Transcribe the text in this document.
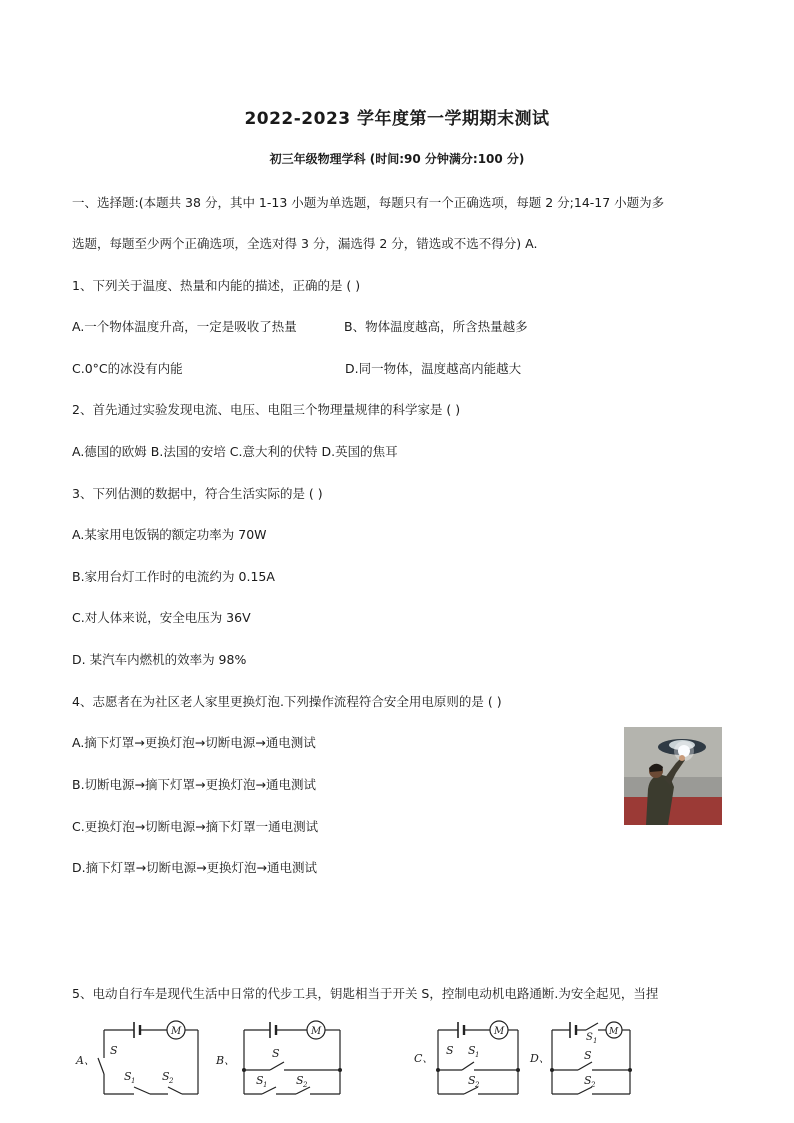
2022-2023 学年度第一学期期末测试
初三年级物理学科 (时间:90 分钟满分:100 分)
一、选择题:(本题共 38 分，其中 1-13 小题为单选题，每题只有一个正确选项，每题 2 分;14-17 小题为多
选题，每题至少两个正确选项，全选对得 3 分，漏选得 2 分，错选或不选不得分) A.
1、下列关于温度、热量和内能的描述，正确的是 ( )
A.一个物体温度升高，一定是吸收了热量	B、物体温度越高，所含热量越多
C.0°C的冰没有内能	D.同一物体，温度越高内能越大
2、首先通过实验发现电流、电压、电阻三个物理量规律的科学家是 ( )
A.德国的欧姆 B.法国的安培 C.意大利的伏特 D.英国的焦耳
3、下列估测的数据中，符合生活实际的是 ( )
A.某家用电饭锅的额定功率为 70W
B.家用台灯工作时的电流约为 0.15A
C.对人体来说，安全电压为 36V
D. 某汽车内燃机的效率为 98%
4、志愿者在为社区老人家里更换灯泡.下列操作流程符合安全用电原则的是 ( )
A.摘下灯罩→更换灯泡→切断电源→通电测试
B.切断电源→摘下灯罩→更换灯泡→通电测试
C.更换灯泡→切断电源→摘下灯罩一通电测试
D.摘下灯罩→切断电源→更换灯泡→通电测试
5、电动自行车是现代生活中日常的代步工具，钥匙相当于开关 S，控制电动机电路通断.为安全起见，当捏
A、
M
S
S 1 S 2
B、
M
S
S 1	S 2
C、
M
S S 1
S 2
D、
M
S 1
S
S 2
